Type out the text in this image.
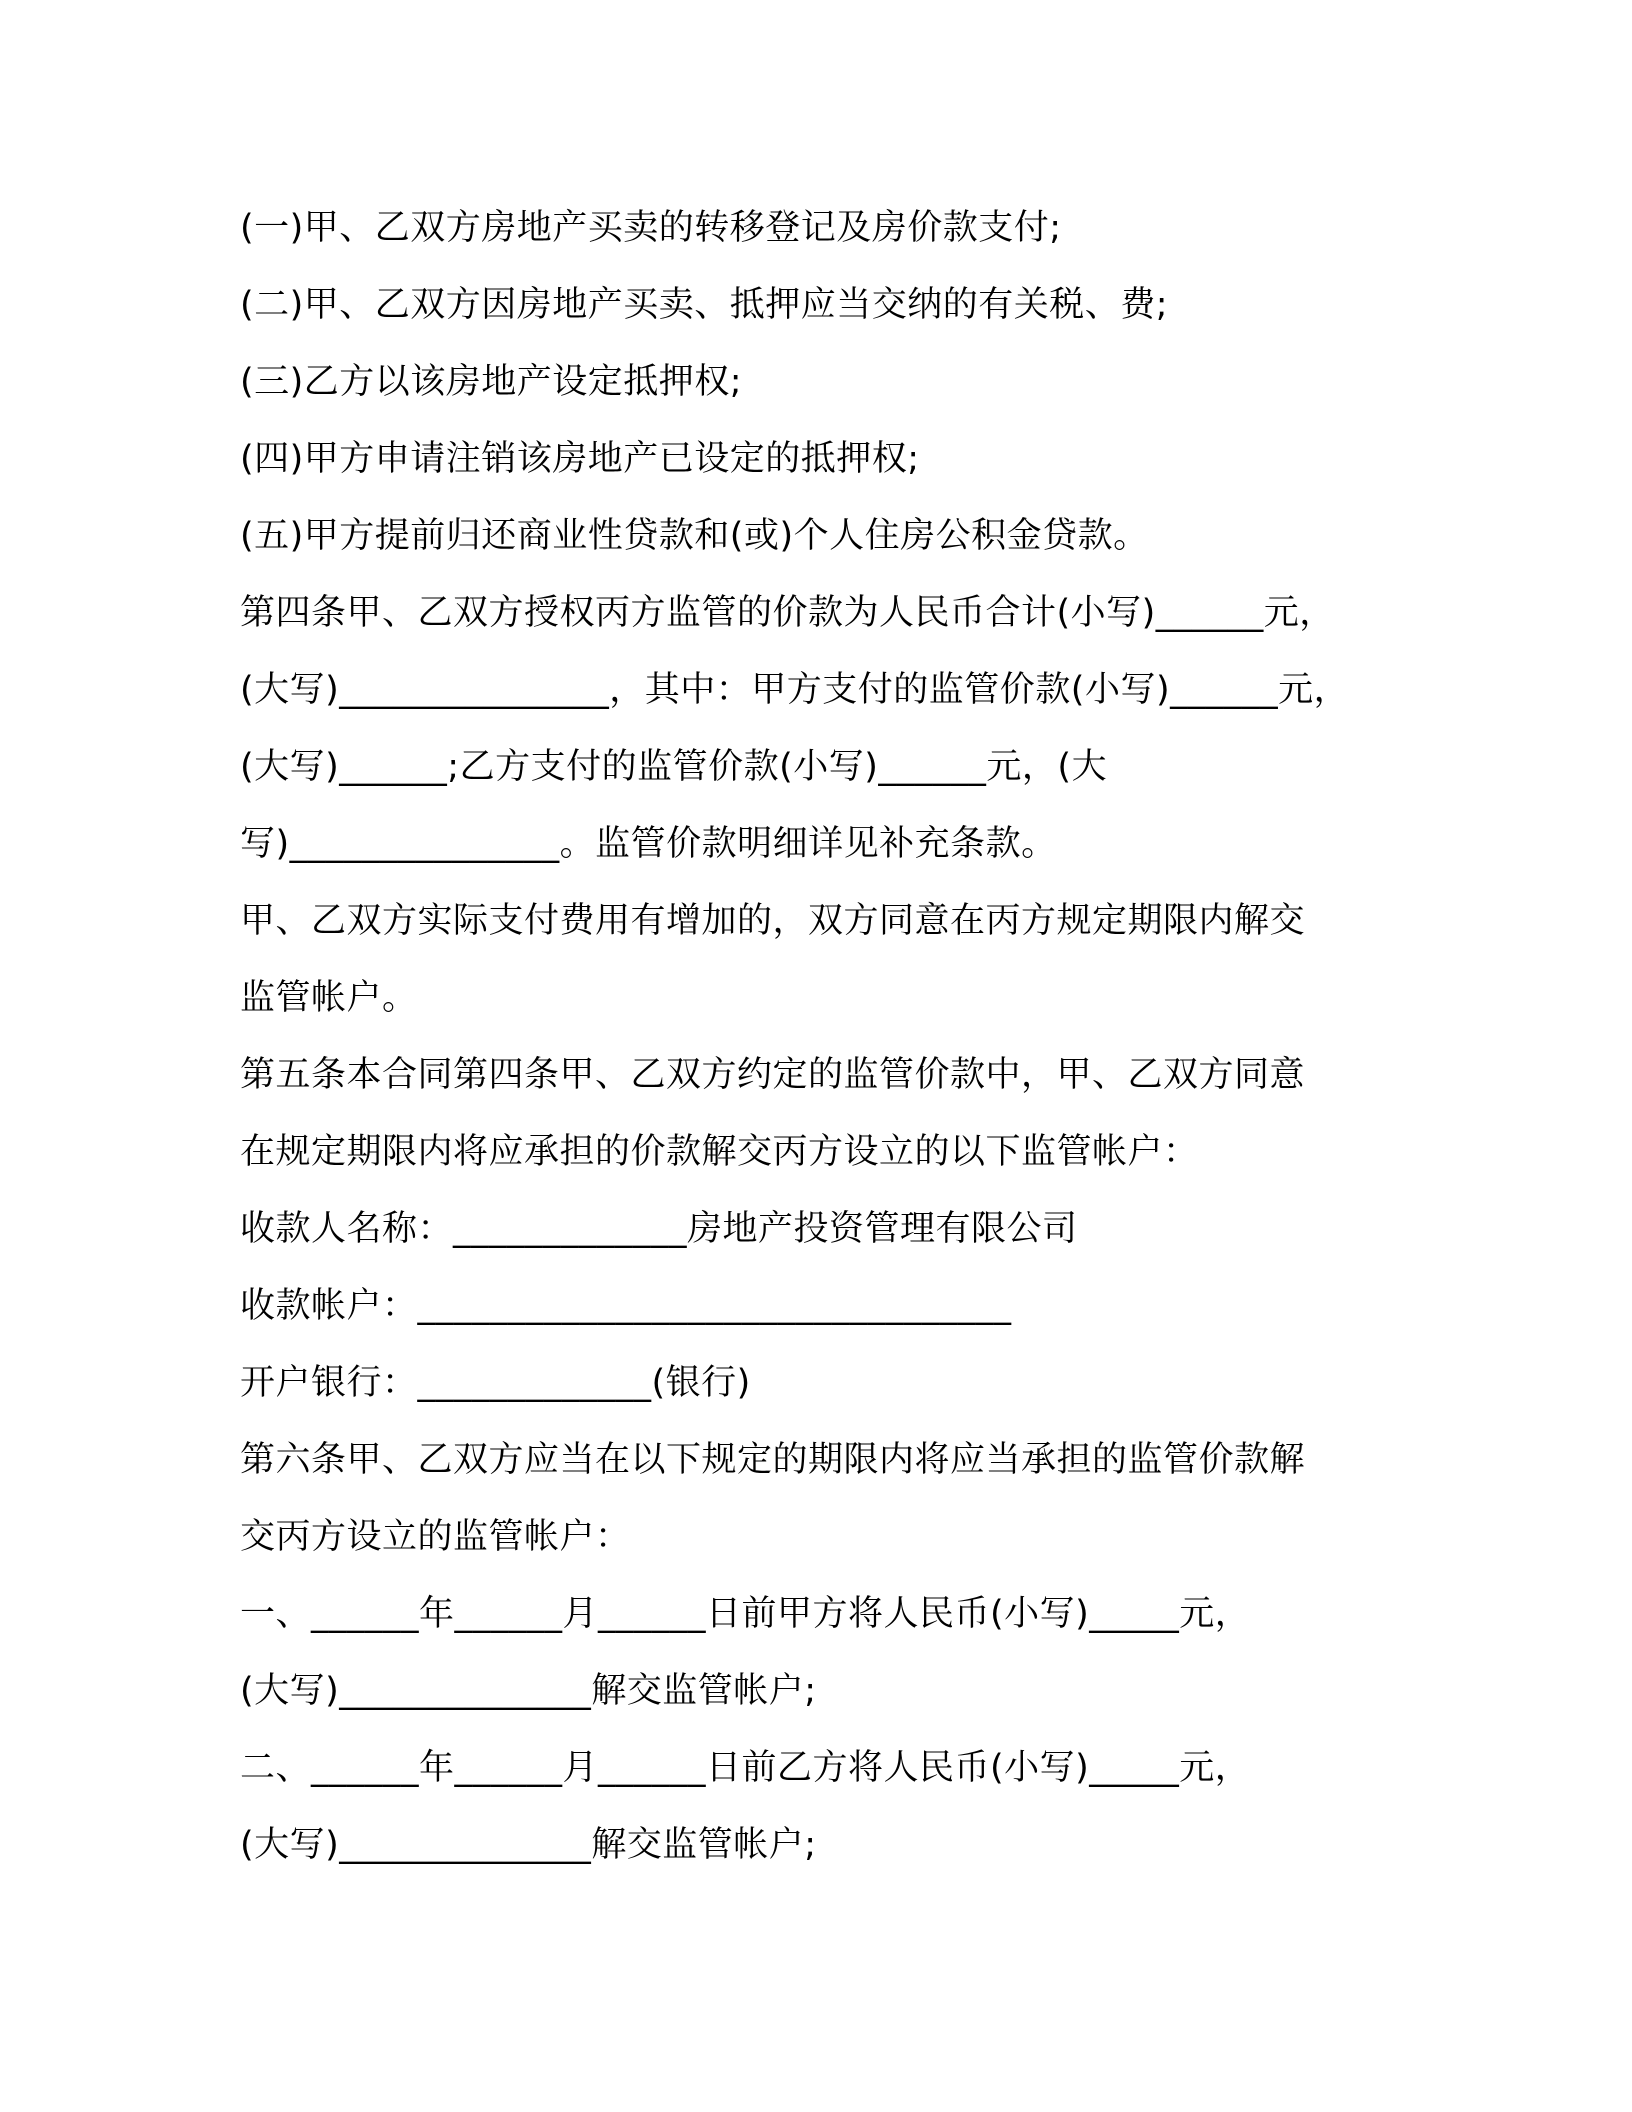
(一)甲、乙双方房地产买卖的转移登记及房价款支付;
(二)甲、乙双方因房地产买卖、抵押应当交纳的有关税、费;
(三)乙方以该房地产设定抵押权;
(四)甲方申请注销该房地产已设定的抵押权;
(五)甲方提前归还商业性贷款和(或)个人住房公积金贷款。
第四条甲、乙双方授权丙方监管的价款为人民币合计(小写)______元，
(大写)_______________，其中：甲方支付的监管价款(小写)______元，
(大写)______;乙方支付的监管价款(小写)______元，(大
写)_______________。监管价款明细详见补充条款。
甲、乙双方实际支付费用有增加的，双方同意在丙方规定期限内解交
监管帐户。
第五条本合同第四条甲、乙双方约定的监管价款中，甲、乙双方同意
在规定期限内将应承担的价款解交丙方设立的以下监管帐户：
收款人名称：_____________房地产投资管理有限公司
收款帐户：_________________________________
开户银行：_____________(银行)
第六条甲、乙双方应当在以下规定的期限内将应当承担的监管价款解
交丙方设立的监管帐户：
一、______年______月______日前甲方将人民币(小写)_____元，
(大写)______________解交监管帐户;
二、______年______月______日前乙方将人民币(小写)_____元，
(大写)______________解交监管帐户;
